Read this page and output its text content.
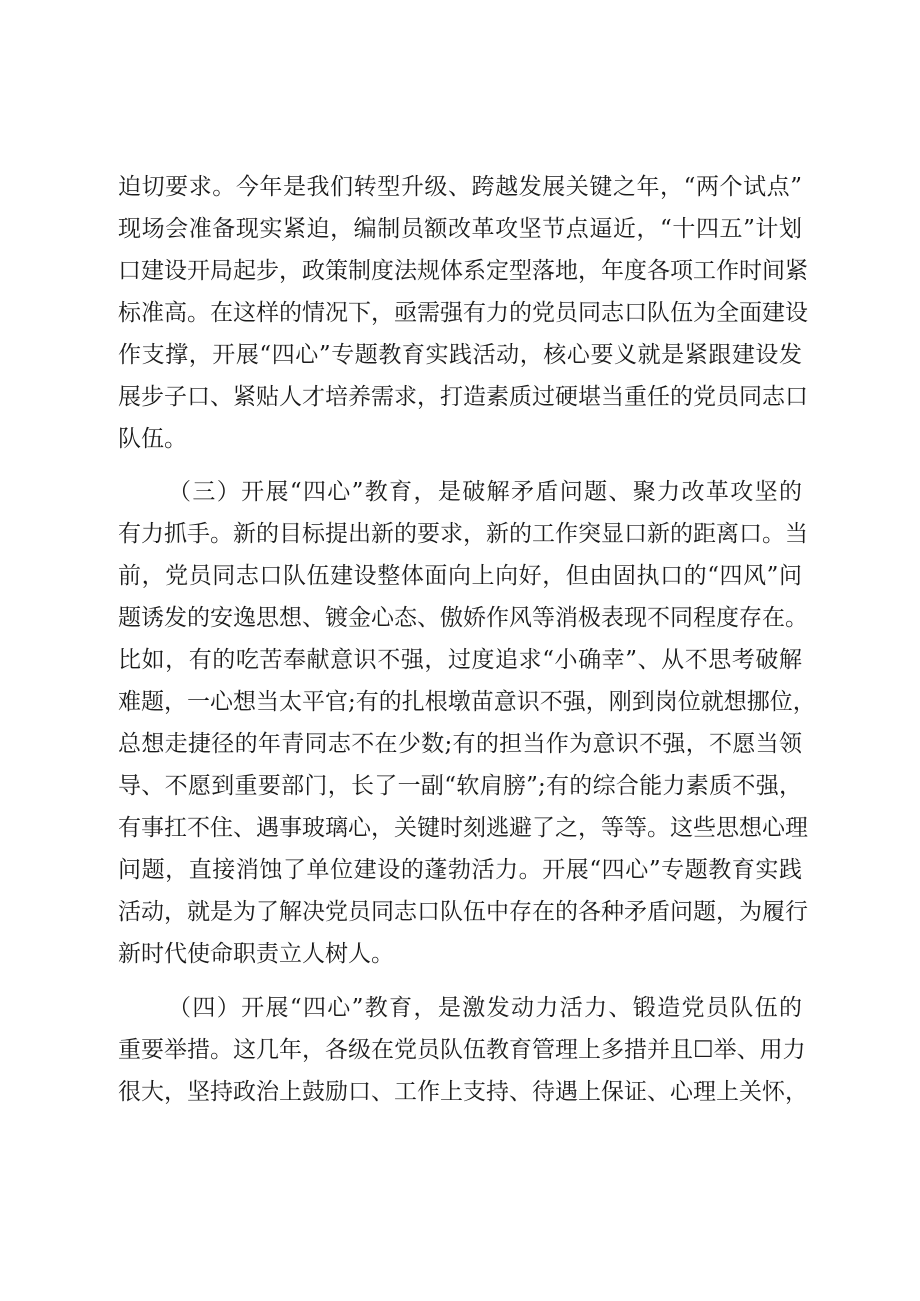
迫切要求。今年是我们转型升级、跨越发展关键之年，“两个试点”
现场会准备现实紧迫，编制员额改革攻坚节点逼近，“十四五”计划
口建设开局起步，政策制度法规体系定型落地，年度各项工作时间紧
标准高。在这样的情况下，亟需强有力的党员同志口队伍为全面建设
作支撑，开展“四心”专题教育实践活动，核心要义就是紧跟建设发
展步子口、紧贴人才培养需求，打造素质过硬堪当重任的党员同志口
队伍。
（三）开展“四心”教育，是破解矛盾问题、聚力改革攻坚的
有力抓手。新的目标提出新的要求，新的工作突显口新的距离口。当
前，党员同志口队伍建设整体面向上向好，但由固执口的“四风”问
题诱发的安逸思想、镀金心态、傲娇作风等消极表现不同程度存在。
比如，有的吃苦奉献意识不强，过度追求“小确幸”、从不思考破解
难题，一心想当太平官;有的扎根墩苗意识不强，刚到岗位就想挪位，
总想走捷径的年青同志不在少数;有的担当作为意识不强，不愿当领
导、不愿到重要部门，长了一副“软肩膀”;有的综合能力素质不强，
有事扛不住、遇事玻璃心，关键时刻逃避了之，等等。这些思想心理
问题，直接消蚀了单位建设的蓬勃活力。开展“四心”专题教育实践
活动，就是为了解决党员同志口队伍中存在的各种矛盾问题，为履行
新时代使命职责立人树人。
（四）开展“四心”教育，是激发动力活力、锻造党员队伍的
重要举措。这几年，各级在党员队伍教育管理上多措并且☐举、用力
很大，坚持政治上鼓励口、工作上支持、待遇上保证、心理上关怀，
